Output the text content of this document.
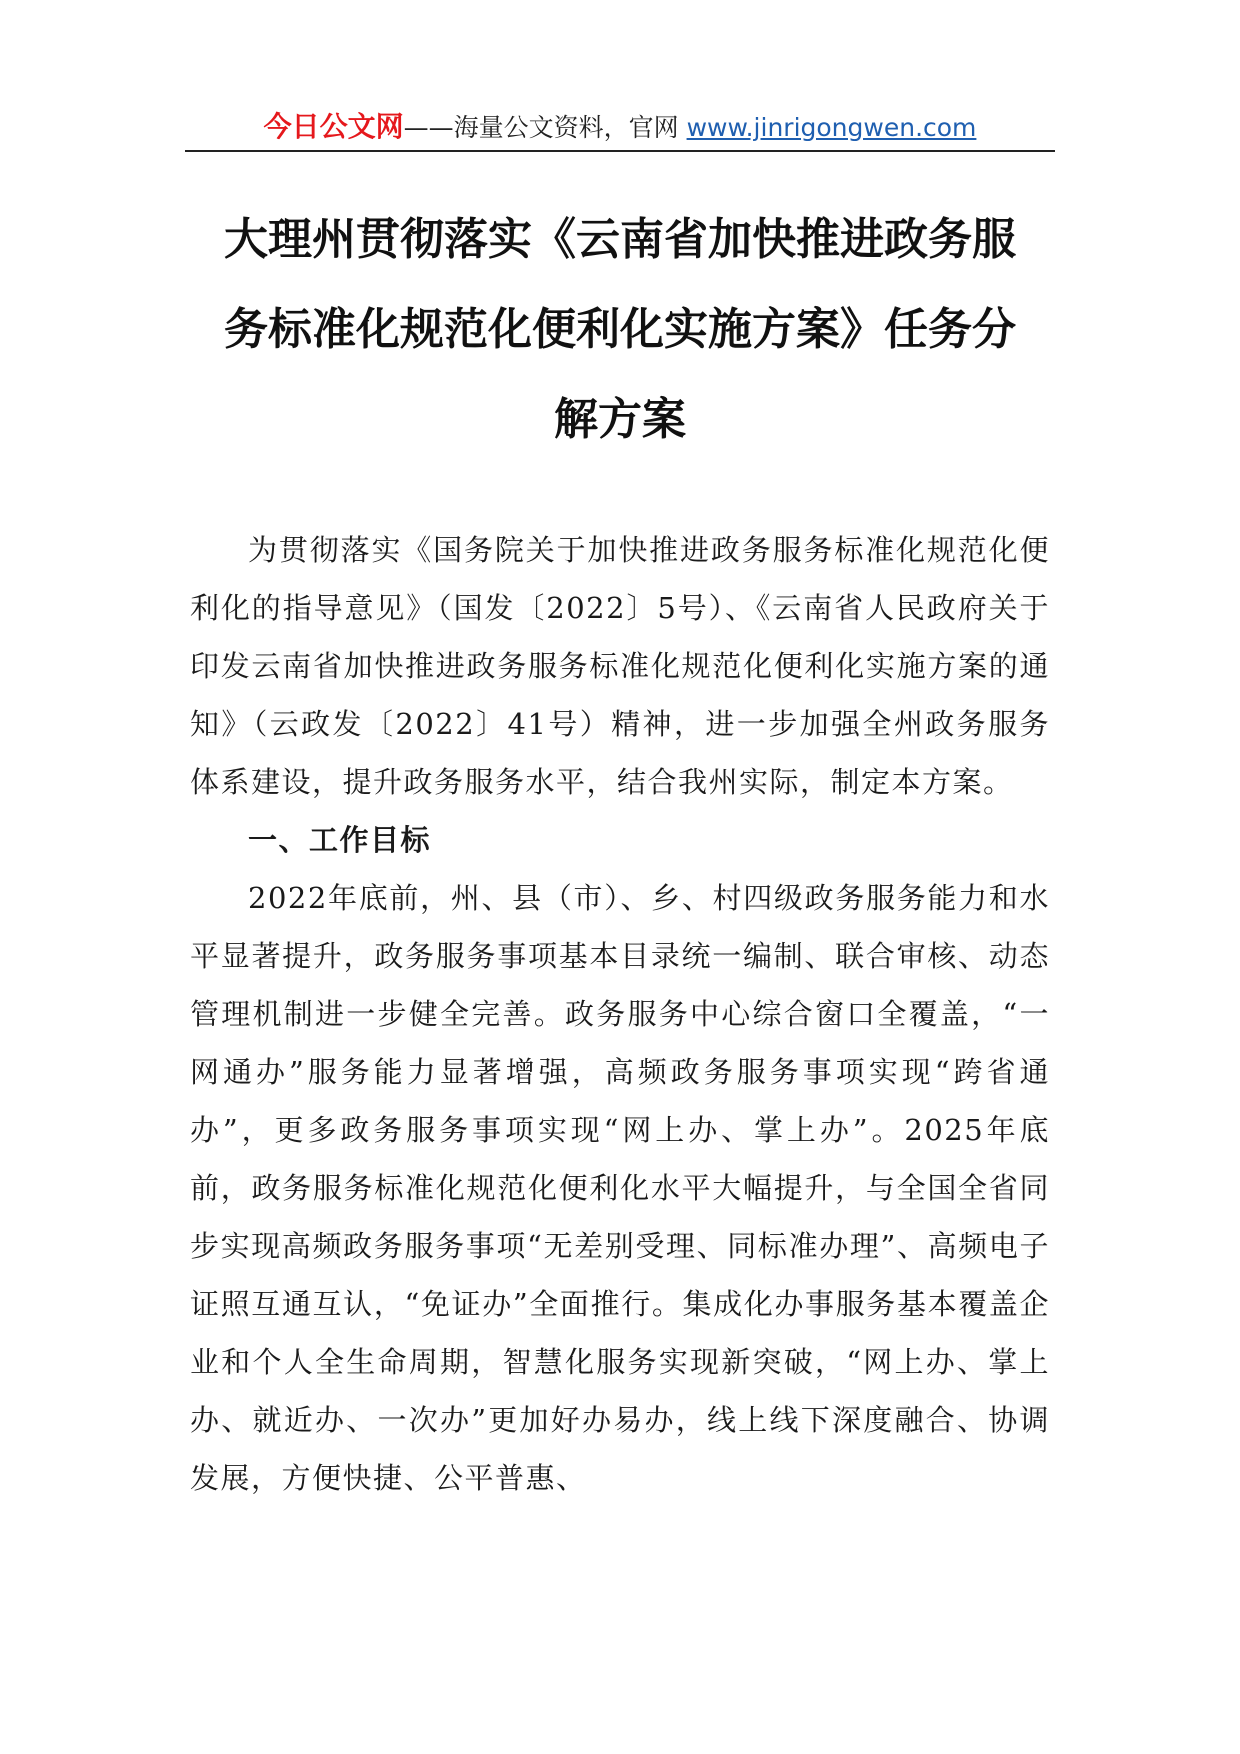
今日公文网——海量公文资料，官网 www.jinrigongwen.com
大理州贯彻落实《云南省加快推进政务服
务标准化规范化便利化实施方案》任务分
解方案

为贯彻落实《国务院关于加快推进政务服务标准化规范化便利化的指导意见》（国发〔2022〕5号）、《云南省人民政府关于印发云南省加快推进政务服务标准化规范化便利化实施方案的通知》（云政发〔2022〕41号）精神，进一步加强全州政务服务体系建设，提升政务服务水平，结合我州实际，制定本方案。

一、工作目标

2022年底前，州、县（市）、乡、村四级政务服务能力和水平显著提升，政务服务事项基本目录统一编制、联合审核、动态管理机制进一步健全完善。政务服务中心综合窗口全覆盖，“一网通办”服务能力显著增强，高频政务服务事项实现“跨省通办”，更多政务服务事项实现“网上办、掌上办”。2025年底前，政务服务标准化规范化便利化水平大幅提升，与全国全省同步实现高频政务服务事项“无差别受理、同标准办理”、高频电子证照互通互认，“免证办”全面推行。集成化办事服务基本覆盖企业和个人全生命周期，智慧化服务实现新突破，“网上办、掌上办、就近办、一次办”更加好办易办，线上线下深度融合、协调发展，方便快捷、公平普惠、
